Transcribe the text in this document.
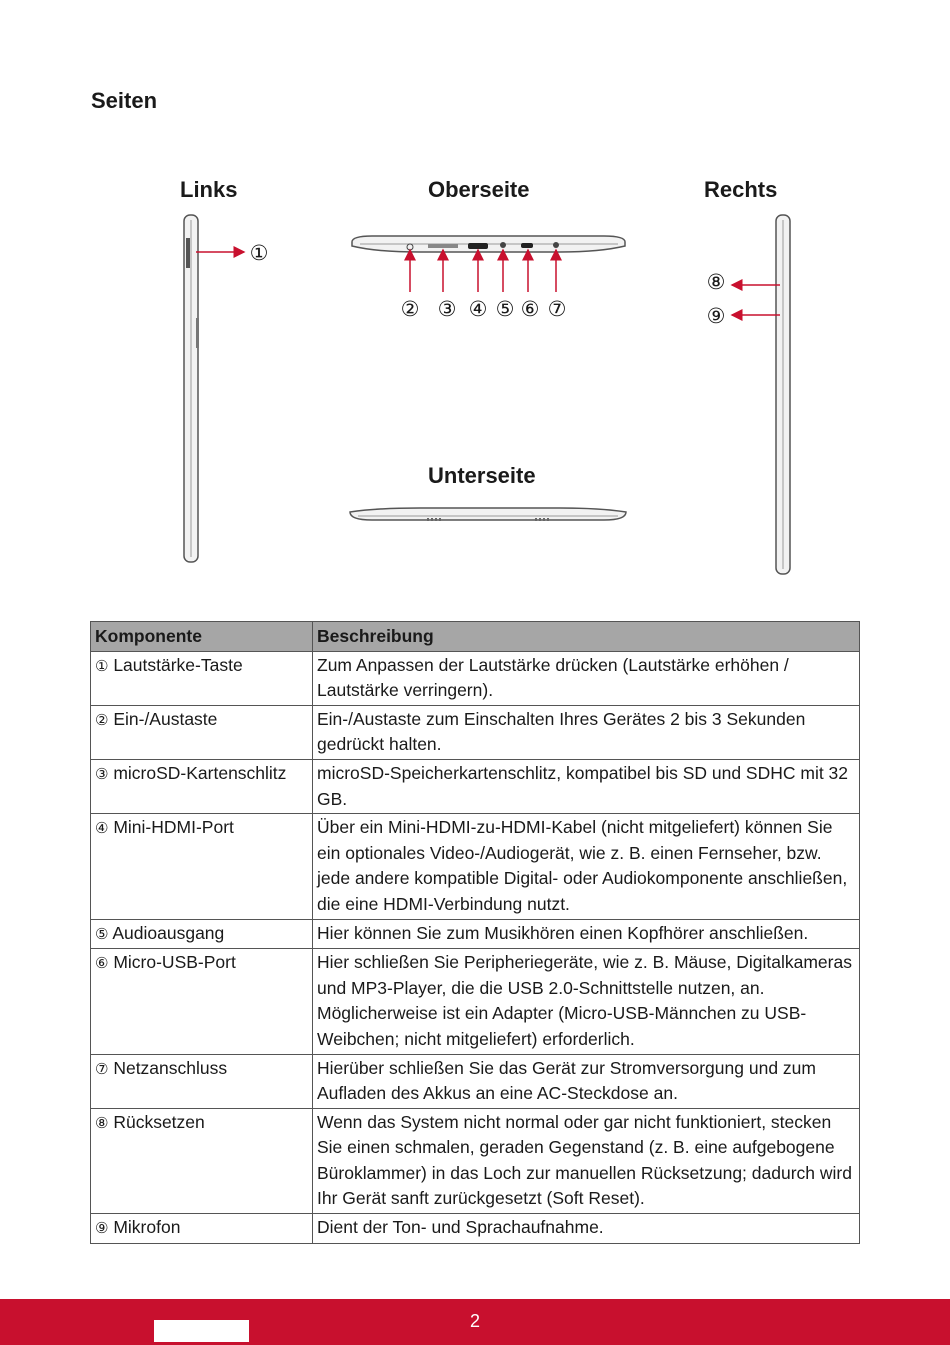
Seiten
Links	Oberseite	Rechts
Unterseite
①
② ③ ④ ⑤ ⑥ ⑦
⑧
⑨
Komponente	Beschreibung
① Lautstärke-Taste	Zum Anpassen der Lautstärke drücken (Lautstärke erhöhen / Lautstärke verringern).
② Ein-/Austaste	Ein-/Austaste zum Einschalten Ihres Gerätes 2 bis 3 Sekunden gedrückt halten.
③ microSD-Kartenschlitz	microSD-Speicherkartenschlitz, kompatibel bis SD und SDHC mit 32 GB.
④ Mini-HDMI-Port	Über ein Mini-HDMI-zu-HDMI-Kabel (nicht mitgeliefert) können Sie ein optionales Video-/Audiogerät, wie z. B. einen Fernseher, bzw. jede andere kompatible Digital- oder Audiokomponente anschließen, die eine HDMI-Verbindung nutzt.
⑤ Audioausgang	Hier können Sie zum Musikhören einen Kopfhörer anschließen.
⑥ Micro-USB-Port	Hier schließen Sie Peripheriegeräte, wie z. B. Mäuse, Digitalkameras und MP3-Player, die die USB 2.0-Schnittstelle nutzen, an. Möglicherweise ist ein Adapter (Micro-USB-Männchen zu USB-Weibchen; nicht mitgeliefert) erforderlich.
⑦ Netzanschluss	Hierüber schließen Sie das Gerät zur Stromversorgung und zum Aufladen des Akkus an eine AC-Steckdose an.
⑧ Rücksetzen	Wenn das System nicht normal oder gar nicht funktioniert, stecken Sie einen schmalen, geraden Gegenstand (z. B. eine aufgebogene Büroklammer) in das Loch zur manuellen Rücksetzung; dadurch wird Ihr Gerät sanft zurückgesetzt (Soft Reset).
⑨ Mikrofon	Dient der Ton- und Sprachaufnahme.
2
